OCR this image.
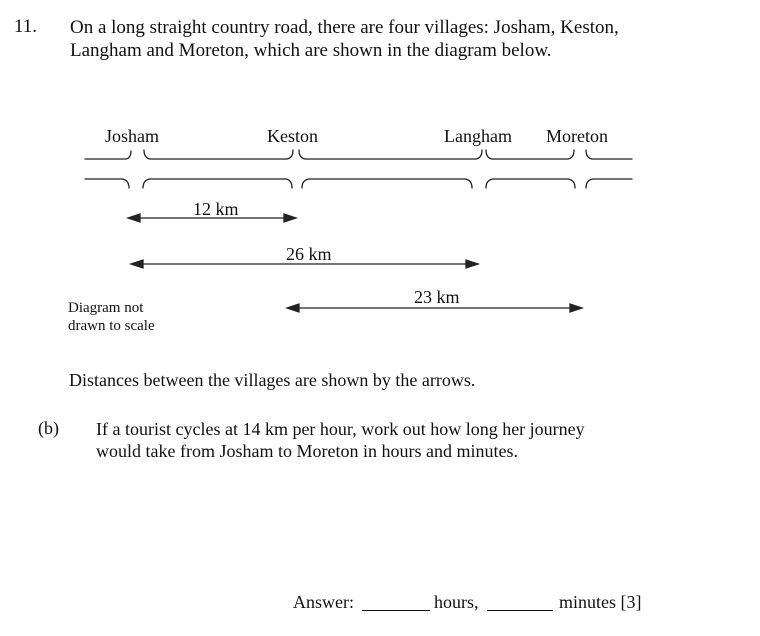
11. On a long straight country road, there are four villages: Josham, Keston,
Langham and Moreton, which are shown in the diagram below.
Josham	Keston	Langham Moreton
12 km
26 km
23 km
Diagram not
drawn to scale
Distances between the villages are shown by the arrows.
(b) If a tourist cycles at 14 km per hour, work out how long her journey
would take from Josham to Moreton in hours and minutes.
Answer:	hours,	minutes [3]
